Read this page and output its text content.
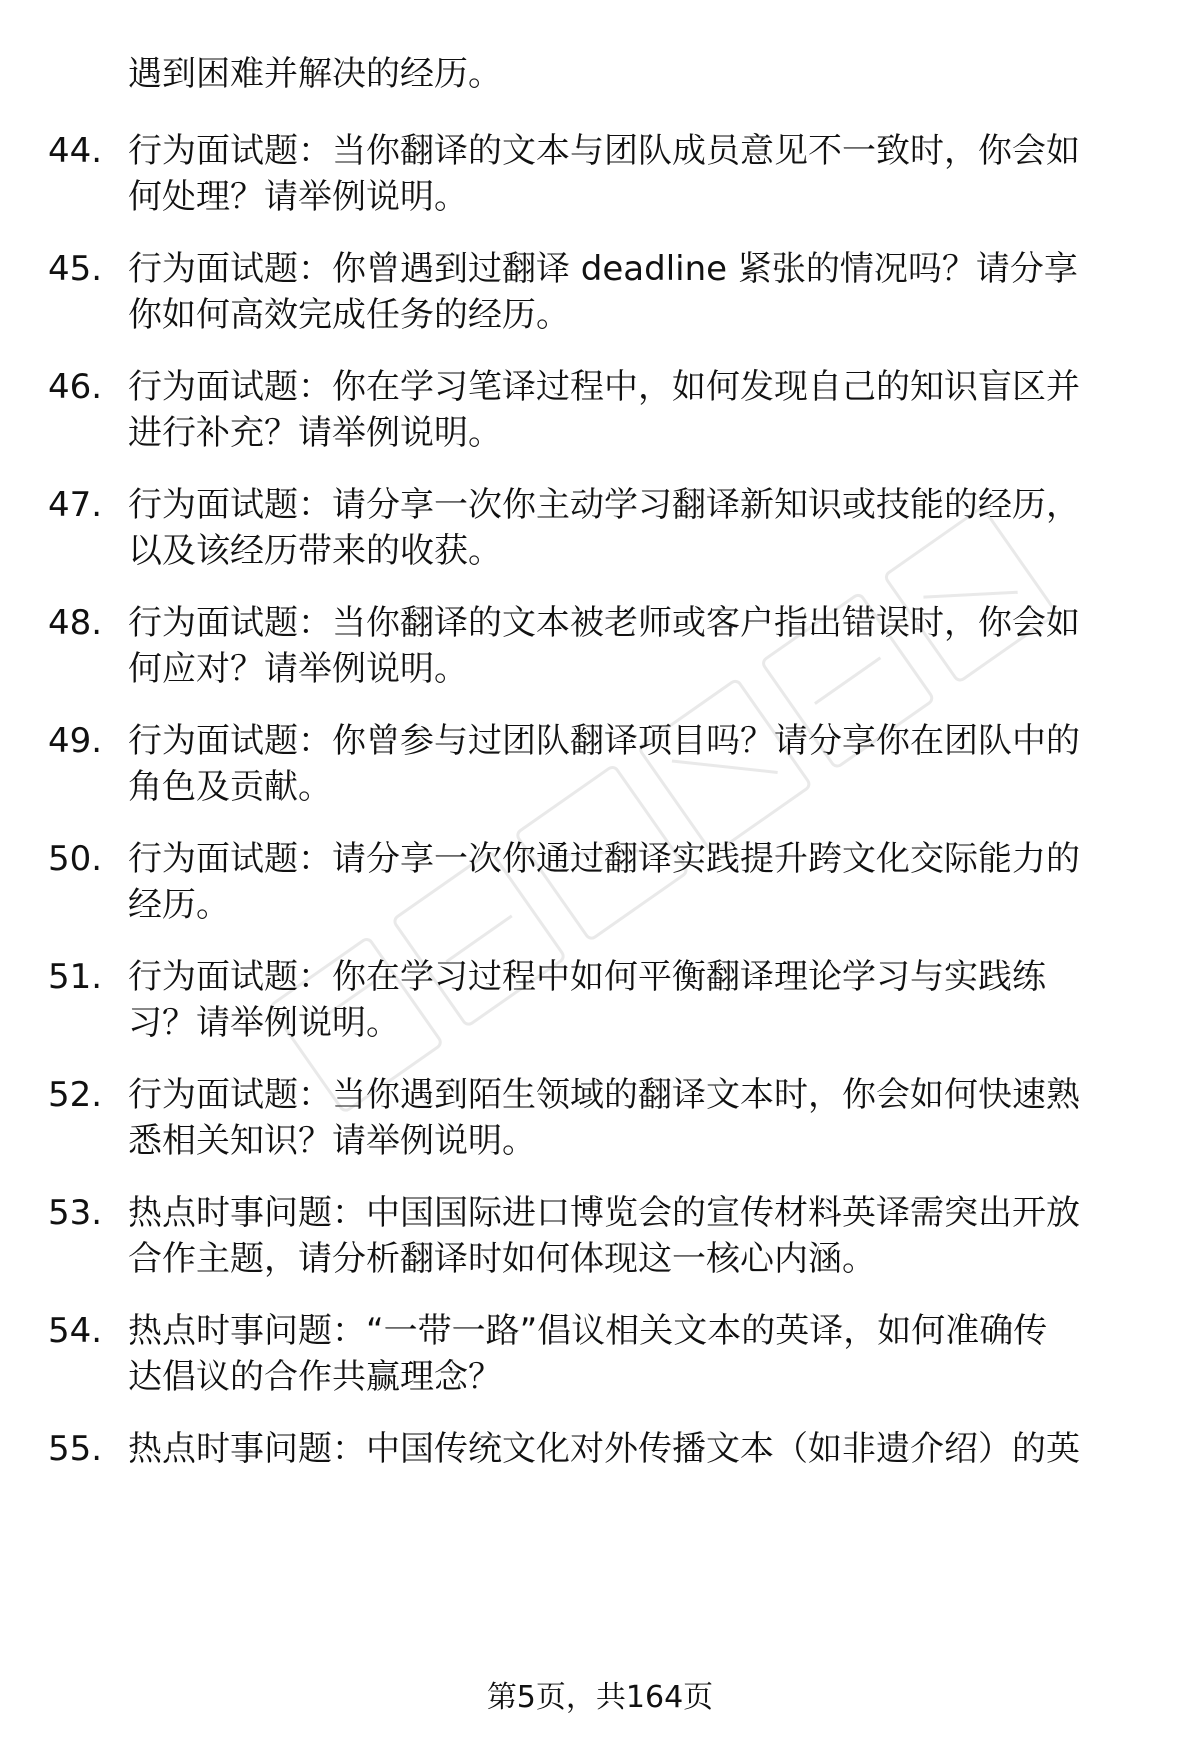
遇到困难并解决的经历。
44. 行为面试题：当你翻译的文本与团队成员意见不一致时，你会如
何处理？请举例说明。
45. 行为面试题：你曾遇到过翻译 deadline 紧张的情况吗？请分享
你如何高效完成任务的经历。
46. 行为面试题：你在学习笔译过程中，如何发现自己的知识盲区并
进行补充？请举例说明。
47. 行为面试题：请分享一次你主动学习翻译新知识或技能的经历，
以及该经历带来的收获。
48. 行为面试题：当你翻译的文本被老师或客户指出错误时，你会如
何应对？请举例说明。
49. 行为面试题：你曾参与过团队翻译项目吗？请分享你在团队中的
角色及贡献。
50. 行为面试题：请分享一次你通过翻译实践提升跨文化交际能力的
经历。
51. 行为面试题：你在学习过程中如何平衡翻译理论学习与实践练
习？请举例说明。
52. 行为面试题：当你遇到陌生领域的翻译文本时，你会如何快速熟
悉相关知识？请举例说明。
53. 热点时事问题：中国国际进口博览会的宣传材料英译需突出开放
合作主题，请分析翻译时如何体现这一核心内涵。
54. 热点时事问题：“一带一路”倡议相关文本的英译，如何准确传
达倡议的合作共赢理念？
55. 热点时事问题：中国传统文化对外传播文本（如非遗介绍）的英
第5页，共164页
